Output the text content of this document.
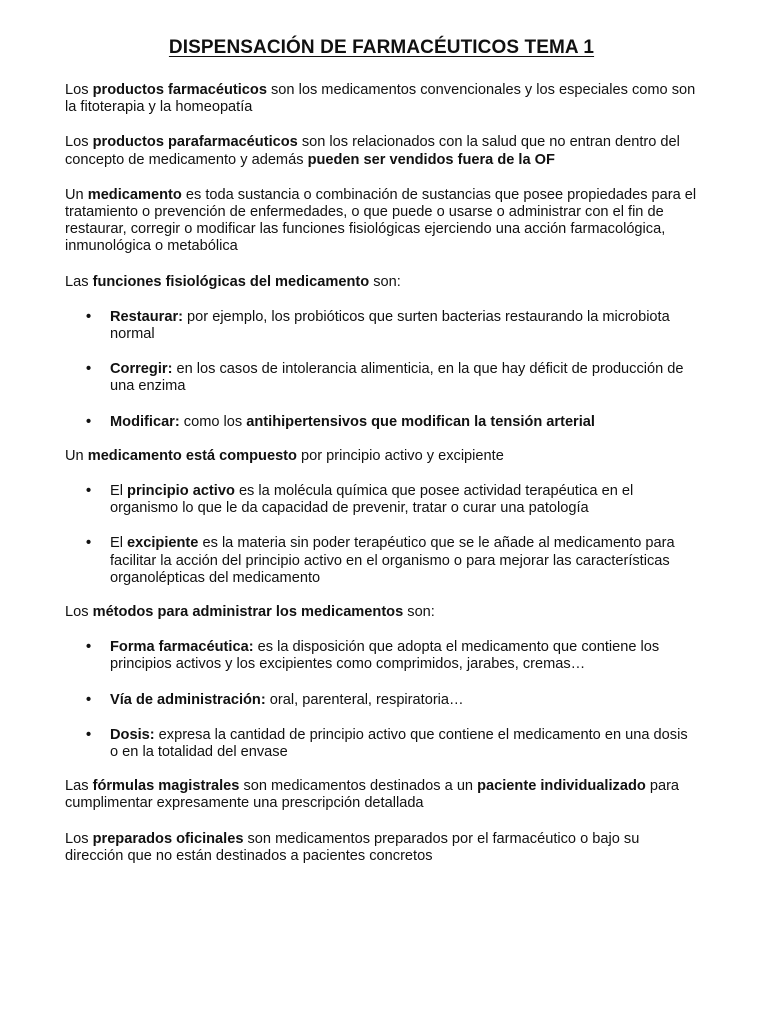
DISPENSACIÓN DE FARMACÉUTICOS TEMA 1

Los productos farmacéuticos son los medicamentos convencionales y los especiales como son la fitoterapia y la homeopatía

Los productos parafarmacéuticos son los relacionados con la salud que no entran dentro del concepto de medicamento y además pueden ser vendidos fuera de la OF

Un medicamento es toda sustancia o combinación de sustancias que posee propiedades para el tratamiento o prevención de enfermedades, o que puede o usarse o administrar con el fin de restaurar, corregir o modificar las funciones fisiológicas ejerciendo una acción farmacológica, inmunológica o metabólica

Las funciones fisiológicas del medicamento son:

• Restaurar: por ejemplo, los probióticos que surten bacterias restaurando la microbiota normal
• Corregir: en los casos de intolerancia alimenticia, en la que hay déficit de producción de una enzima
• Modificar: como los antihipertensivos que modifican la tensión arterial

Un medicamento está compuesto por principio activo y excipiente

• El principio activo es la molécula química que posee actividad terapéutica en el organismo lo que le da capacidad de prevenir, tratar o curar una patología
• El excipiente es la materia sin poder terapéutico que se le añade al medicamento para facilitar la acción del principio activo en el organismo o para mejorar las características organolépticas del medicamento

Los métodos para administrar los medicamentos son:

• Forma farmacéutica: es la disposición que adopta el medicamento que contiene los principios activos y los excipientes como comprimidos, jarabes, cremas…
• Vía de administración: oral, parenteral, respiratoria…
• Dosis: expresa la cantidad de principio activo que contiene el medicamento en una dosis o en la totalidad del envase

Las fórmulas magistrales son medicamentos destinados a un paciente individualizado para cumplimentar expresamente una prescripción detallada

Los preparados oficinales son medicamentos preparados por el farmacéutico o bajo su dirección que no están destinados a pacientes concretos
